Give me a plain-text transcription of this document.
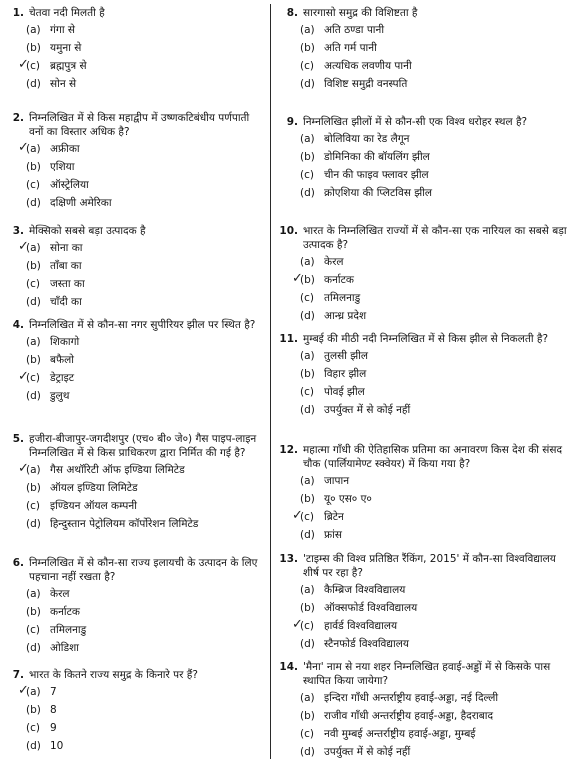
1. चेतवा नदी मिलती है
(a) गंगा से
(b) यमुना से
✓
(c) ब्रह्मपुत्र से
(d) सोन से
2. निम्नलिखित में से किस महाद्वीप में उष्णकटिबंधीय पर्णपाती वनों का विस्तार अधिक है?
✓
(a) अफ्रीका
(b) एशिया
(c) ऑस्ट्रेलिया
(d) दक्षिणी अमेरिका
3. मेक्सिको सबसे बड़ा उत्पादक है
✓
(a) सोना का
(b) ताँबा का
(c) जस्ता का
(d) चाँदी का
4. निम्नलिखित में से कौन-सा नगर सुपीरियर झील पर स्थित है?
(a) शिकागो
(b) बफैलो
✓
(c) डेट्राइट
(d) डुलुथ
5. हजीरा-बीजापुर-जगदीशपुर (एच० बी० जे०) गैस पाइप-लाइन निम्नलिखित में से किस प्राधिकरण द्वारा निर्मित की गई है?
✓
(a) गैस अथॉरिटी ऑफ इण्डिया लिमिटेड
(b) ऑयल इण्डिया लिमिटेड
(c) इण्डियन ऑयल कम्पनी
(d) हिन्दुस्तान पेट्रोलियम कॉर्पोरेशन लिमिटेड
6. निम्नलिखित में से कौन-सा राज्य इलायची के उत्पादन के लिए पहचाना नहीं रखता है?
(a) केरल
(b) कर्नाटक
(c) तमिलनाडु
(d) ओडिशा
7. भारत के कितने राज्य समुद्र के किनारे पर हैं?
✓
(a) 7
(b) 8
(c) 9
(d) 10
8. सारगासो समुद्र की विशिष्टता है
(a) अति ठण्डा पानी
(b) अति गर्म पानी
(c) अत्यधिक लवणीय पानी
(d) विशिष्ट समुद्री वनस्पति
9. निम्नलिखित झीलों में से कौन-सी एक विश्व धरोहर स्थल है?
(a) बोलिविया का रेड लैगून
(b) डोमिनिका की बॉयलिंग झील
(c) चीन की फाइव फ्लावर झील
(d) क्रोएशिया की प्लिटविस झील
10. भारत के निम्नलिखित राज्यों में से कौन-सा एक नारियल का सबसे बड़ा उत्पादक है?
(a) केरल
✓
(b) कर्नाटक
(c) तमिलनाडु
(d) आन्ध्र प्रदेश
11. मुम्बई की मीठी नदी निम्नलिखित में से किस झील से निकलती है?
(a) तुलसी झील
(b) विहार झील
(c) पोवई झील
(d) उपर्युक्त में से कोई नहीं
12. महात्मा गाँधी की ऐतिहासिक प्रतिमा का अनावरण किस देश की संसद चौक (पार्लियामेण्ट स्क्वेयर) में किया गया है?
(a) जापान
(b) यू० एस० ए०
✓
(c) ब्रिटेन
(d) फ्रांस
13. 'टाइम्स की विश्व प्रतिष्ठित रैंकिंग, 2015' में कौन-सा विश्वविद्यालय शीर्ष पर रहा है?
(a) कैम्ब्रिज विश्वविद्यालय
(b) ऑक्सफोर्ड विश्वविद्यालय
✓
(c) हार्वर्ड विश्वविद्यालय
(d) स्टैनफोर्ड विश्वविद्यालय
14. 'मैना' नाम से नया शहर निम्नलिखित हवाई-अड्डों में से किसके पास स्थापित किया जायेगा?
(a) इन्दिरा गाँधी अन्तर्राष्ट्रीय हवाई-अड्डा, नई दिल्ली
(b) राजीव गाँधी अन्तर्राष्ट्रीय हवाई-अड्डा, हैदराबाद
(c) नवी मुम्बई अन्तर्राष्ट्रीय हवाई-अड्डा, मुम्बई
(d) उपर्युक्त में से कोई नहीं
